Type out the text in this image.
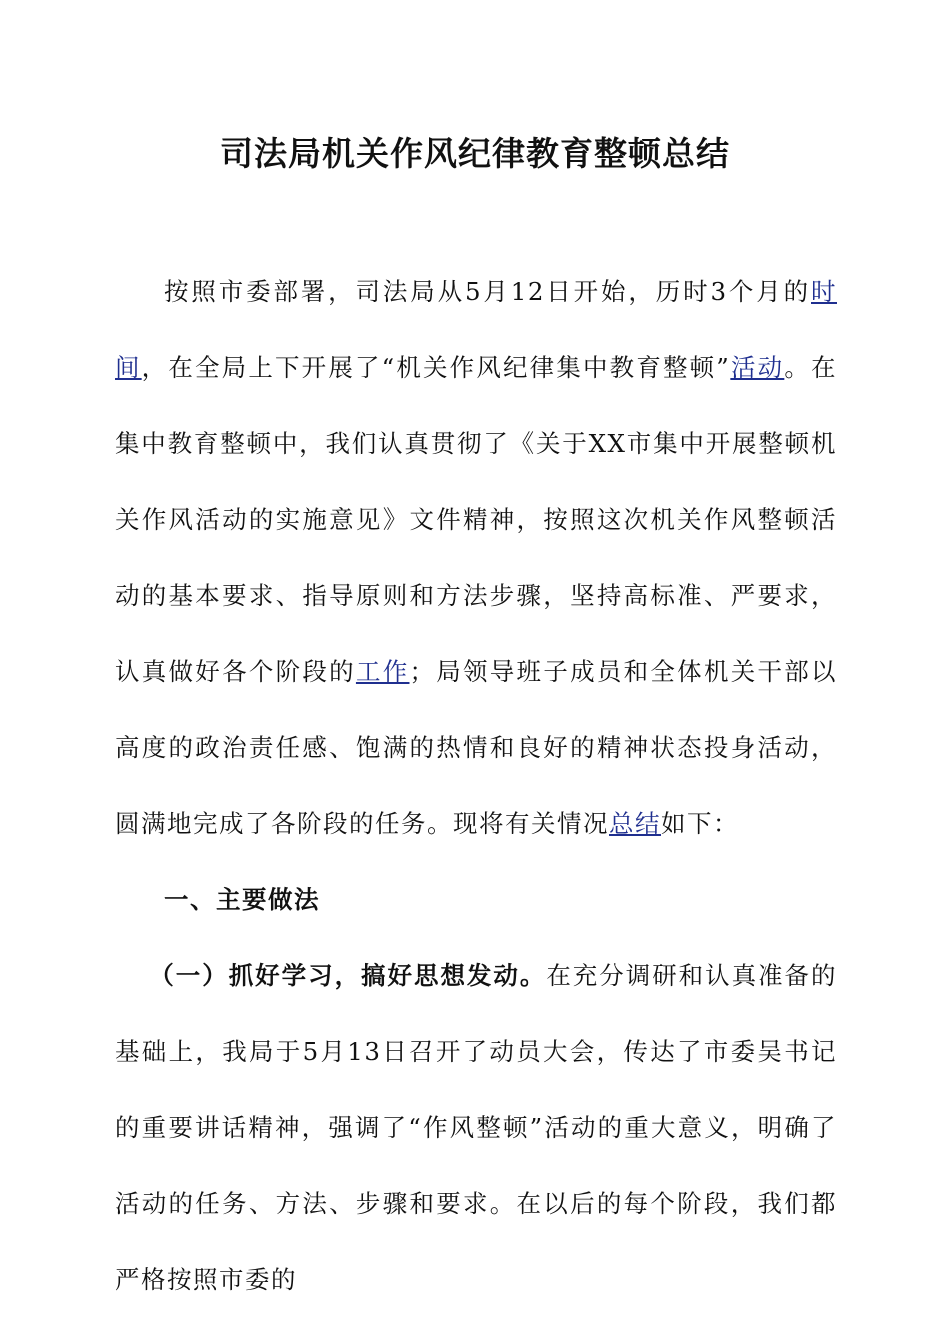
司法局机关作风纪律教育整顿总结

按照市委部署，司法局从5月12日开始，历时3个月的时间，在全局上下开展了“机关作风纪律集中教育整顿”活动。在集中教育整顿中，我们认真贯彻了《关于XX市集中开展整顿机关作风活动的实施意见》文件精神，按照这次机关作风整顿活动的基本要求、指导原则和方法步骤，坚持高标准、严要求，认真做好各个阶段的工作；局领导班子成员和全体机关干部以高度的政治责任感、饱满的热情和良好的精神状态投身活动，圆满地完成了各阶段的任务。现将有关情况总结如下：

一、主要做法

（一）抓好学习，搞好思想发动。在充分调研和认真准备的基础上，我局于5月13日召开了动员大会，传达了市委吴书记的重要讲话精神，强调了“作风整顿”活动的重大意义，明确了活动的任务、方法、步骤和要求。在以后的每个阶段，我们都严格按照市委的
